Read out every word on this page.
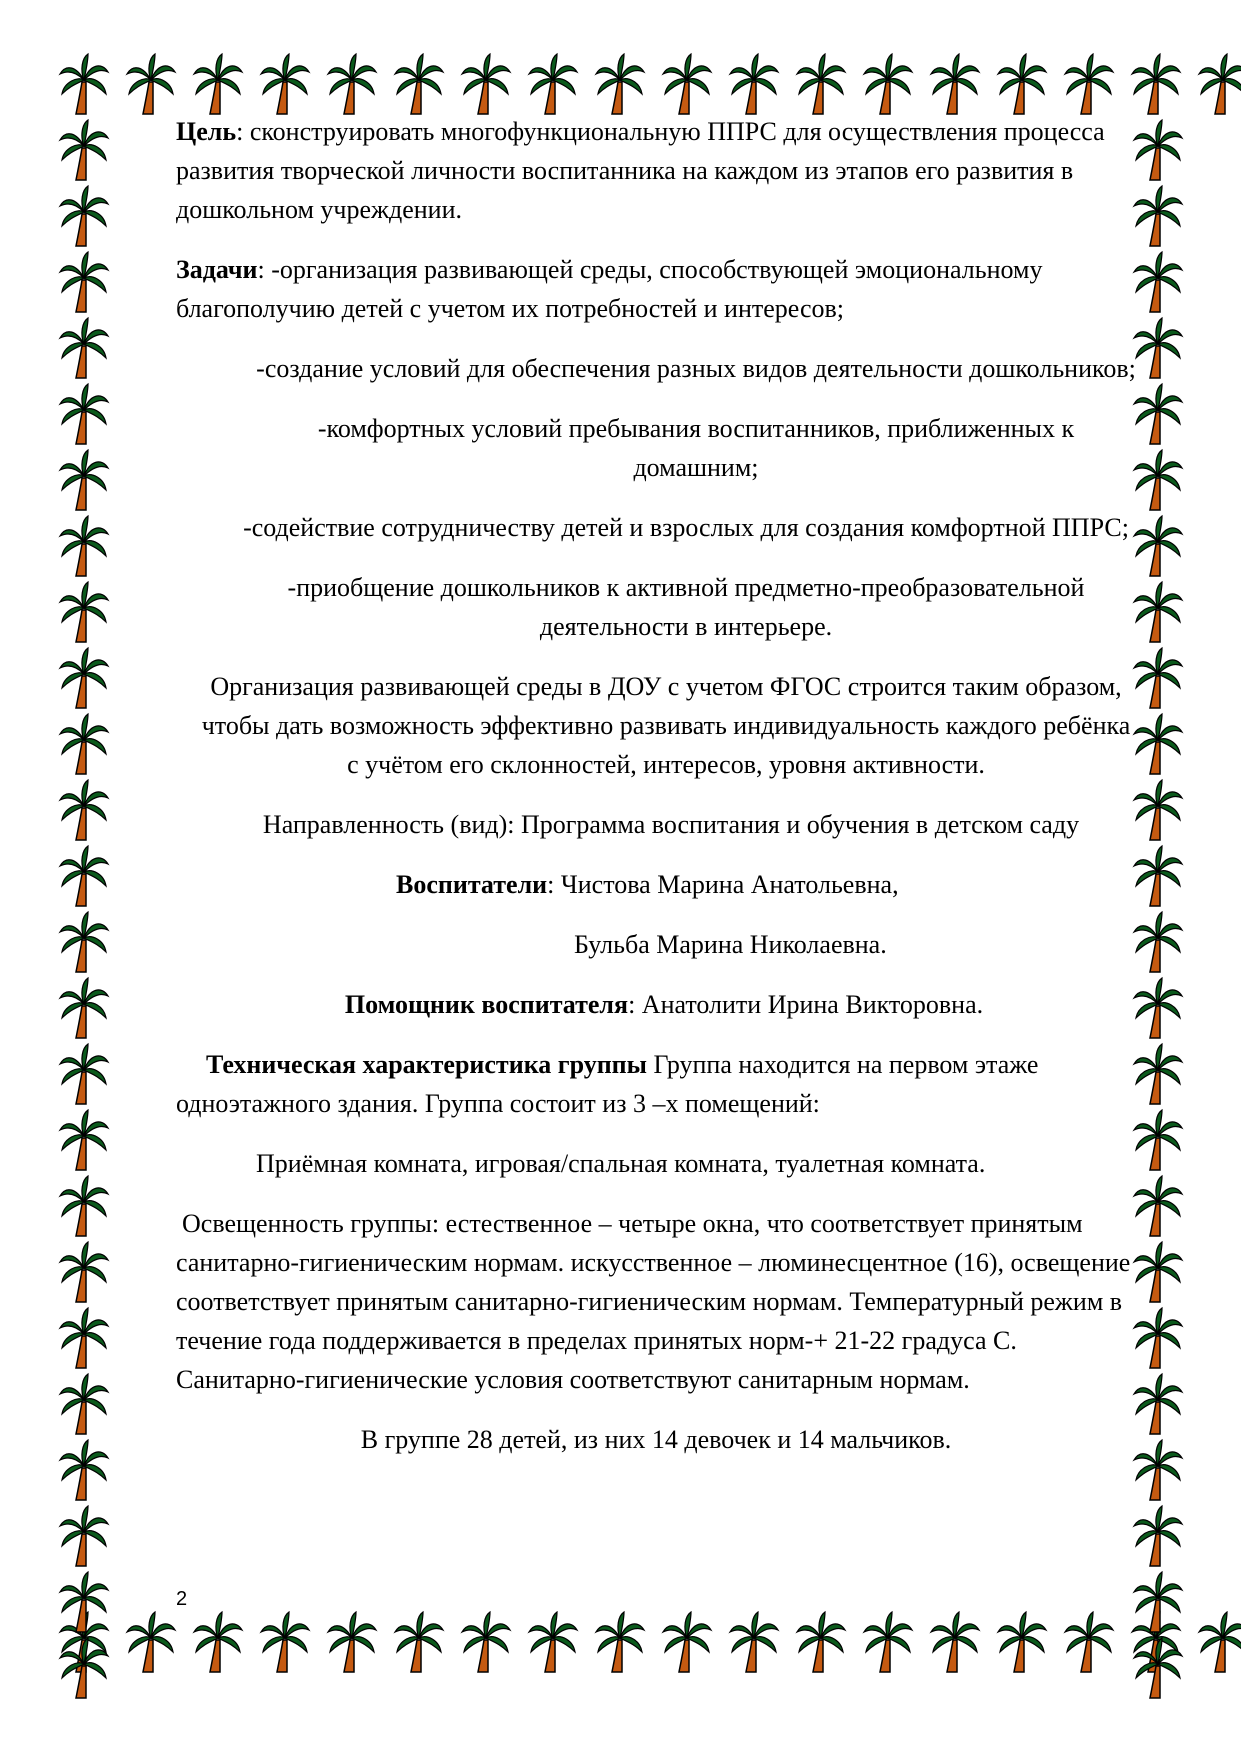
Цель: сконструировать многофункциональную ППРС для осуществления процесса развития творческой личности воспитанника на каждом из этапов его развития в дошкольном учреждении.

Задачи: -организация развивающей среды, способствующей эмоциональному благополучию детей с учетом их потребностей и интересов;

-создание условий для обеспечения разных видов деятельности дошкольников;

-комфортных условий пребывания воспитанников, приближенных к домашним;

-содействие сотрудничеству детей и взрослых для создания комфортной ППРС;

-приобщение дошкольников к активной предметно-преобразовательной деятельности в интерьере.

Организация развивающей среды в ДОУ с учетом ФГОС строится таким образом, чтобы дать возможность эффективно развивать индивидуальность каждого ребёнка с учётом его склонностей, интересов, уровня активности.

Направленность (вид): Программа воспитания и обучения в детском саду

Воспитатели: Чистова Марина Анатольевна,

Бульба Марина Николаевна.

Помощник воспитателя: Анатолити Ирина Викторовна.

Техническая характеристика группы Группа находится на первом этаже одноэтажного здания. Группа состоит из 3 –х помещений:

Приёмная комната, игровая/спальная комната, туалетная комната.

Освещенность группы: естественное – четыре окна, что соответствует принятым санитарно-гигиеническим нормам. искусственное – люминесцентное (16), освещение соответствует принятым санитарно-гигиеническим нормам. Температурный режим в течение года поддерживается в пределах принятых норм-+ 21-22 градуса С. Санитарно-гигиенические условия соответствуют санитарным нормам.

В группе 28 детей, из них 14 девочек и 14 мальчиков.

2
